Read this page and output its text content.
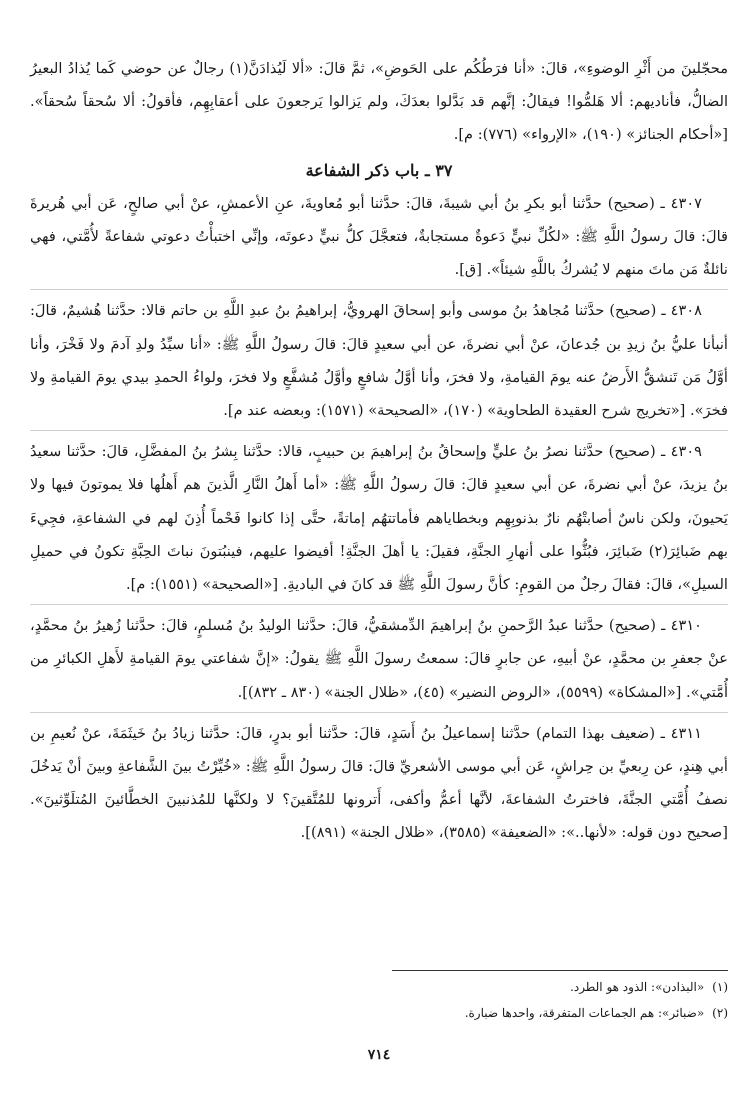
محجّلينَ من أَثْرِ الوضوءِ»، قالَ: «أنا فرَطُكُم على الحَوضِ»، ثمَّ قالَ: «ألا لَيُذادَنَّ(١) رجالٌ عن حوضي كَما يُذادُ البعيرُ الضالُّ، فأناديهم: ألا هَلمُّوا! فيقالُ: إنَّهم قد بَدَّلوا بعدَكَ، ولم يَزالوا يَرجعونَ على أعقابِهِم، فأقولُ: ألا سُحقاً سُحقاً». [«أحكام الجنائز» (١٩٠)، «الإرواء» (٧٧٦): م].

٣٧ ـ باب ذكر الشفاعة

٤٣٠٧ ـ (صحيح) حدَّثنا أبو بكرِ بنُ أبي شيبةَ، قالَ: حدَّثنا أبو مُعاويةَ، عنِ الأعمشِ، عنْ أبي صالحٍ، عَن أبي هُريرةَ قالَ: قالَ رسولُ اللَّهِ ﷺ: «لكُلِّ نبيٍّ دَعوةٌ مستجابةٌ، فتعجَّلَ كلُّ نبيٍّ دعوتَه، وإنِّي اختبأْتُ دعوتي شفاعةً لأُمَّتي، فهي نائلةٌ مَن ماتَ منهم لا يُشركُ باللَّهِ شيئاً». [ق].

٤٣٠٨ ـ (صحيح) حدَّثنا مُجاهدُ بنُ موسى وأبو إسحاقَ الهرويُّ، إبراهيمُ بنُ عبدِ اللَّهِ بن حاتم قالا: حدَّثنا هُشيمٌ، قالَ: أنبأنا عليُّ بنُ زيدِ بن جُدعانَ، عنْ أبي نضرةَ، عن أبي سعيدٍ قالَ: قالَ رسولُ اللَّهِ ﷺ: «أنا سيِّدُ ولدِ آدمَ ولا فَخْرَ، وأنا أوَّلُ مَن تَنشقُّ الأَرضُ عنه يومَ القيامةِ، ولا فخرَ، وأنا أوَّلُ شافعٍ وأوَّلُ مُشفَّعٍ ولا فخرَ، ولواءُ الحمدِ بيدي يومَ القيامةِ ولا فخرَ». [«تخريج شرح العقيدة الطحاوية» (١٧٠)، «الصحيحة» (١٥٧١): وبعضه عند م].

٤٣٠٩ ـ (صحيح) حدَّثنا نصرُ بنُ عليٍّ وإسحاقُ بنُ إبراهيمَ بن حبيبٍ، قالا: حدَّثنا بِشرُ بنُ المفضَّلِ، قالَ: حدَّثنا سعيدُ بنُ يزيدَ، عنْ أبي نضرةَ، عن أبي سعيدٍ قالَ: قالَ رسولُ اللَّهِ ﷺ: «أما أَهلُ النَّارِ الَّذينَ هم أَهلُها فلا يموتونَ فيها ولا يَحيونَ، ولكن ناسٌ أصابتْهُم نارٌ بذنوبِهِم وبخطاياهم فأماتتهُم إماتةً، حتَّى إذا كانوا فَحْماً أُذِنَ لهم في الشفاعةِ، فجِيءَ بهم ضَبائِرَ(٢) ضَبائِرَ، فبُثُّوا على أنهارِ الجنَّةِ، فقيلَ: يا أهلَ الجنَّةِ! أفيضوا عليهم، فينبُتونَ نباتَ الحِبَّةِ تكونُ في حميلِ السيلِ»، قالَ: فقالَ رجلٌ من القومِ: كأنَّ رسولَ اللَّهِ ﷺ قد كانَ في الباديةِ. [«الصحيحة» (١٥٥١): م].

٤٣١٠ ـ (صحيح) حدَّثنا عبدُ الرَّحمنِ بنُ إبراهيمَ الدِّمشقيُّ، قالَ: حدَّثنا الوليدُ بنُ مُسلمٍ، قالَ: حدَّثنا زُهيرُ بنُ محمَّدٍ، عنْ جعفرِ بن محمَّدٍ، عنْ أبيهِ، عن جابرٍ قالَ: سمعتُ رسولَ اللَّهِ ﷺ يقولُ: «إنَّ شفاعتي يومَ القيامةِ لأَهلِ الكبائرِ من أُمَّتي». [«المشكاة» (٥٥٩٩)، «الروض النضير» (٤٥)، «ظلال الجنة» (٨٣٠ ـ ٨٣٢)].

٤٣١١ ـ (ضعيف بهذا التمام) حدَّثنا إسماعيلُ بنُ أَسَدٍ، قالَ: حدَّثنا أبو بدرٍ، قالَ: حدَّثنا زيادُ بنُ خَيثَمَةَ، عنْ نُعيمِ بن أبي هِندٍ، عن رِبعيِّ بن حِراشٍ، عَن أبي موسى الأشعريِّ قالَ: قالَ رسولُ اللَّهِ ﷺ: «خُيِّرْتُ بينَ الشَّفاعةِ وبينَ أنْ يَدخُلَ نصفُ أُمَّتي الجنَّةَ، فاخترتُ الشفاعةَ، لأنَّها أعمُّ وأكفى، أَترونها للمُتَّقينَ؟ لا ولكنَّها للمُذنبينَ الخطَّائينَ المُتلَوِّثينَ». [صحيح دون قوله: «لأنها..»: «الضعيفة» (٣٥٨٥)، «ظلال الجنة» (٨٩١)].

(١)
«البذادن»: الذود هو الطرد.
(٢)
«ضبائر»: هم الجماعات المتفرقة، واحدها ضبارة.
٧١٤
